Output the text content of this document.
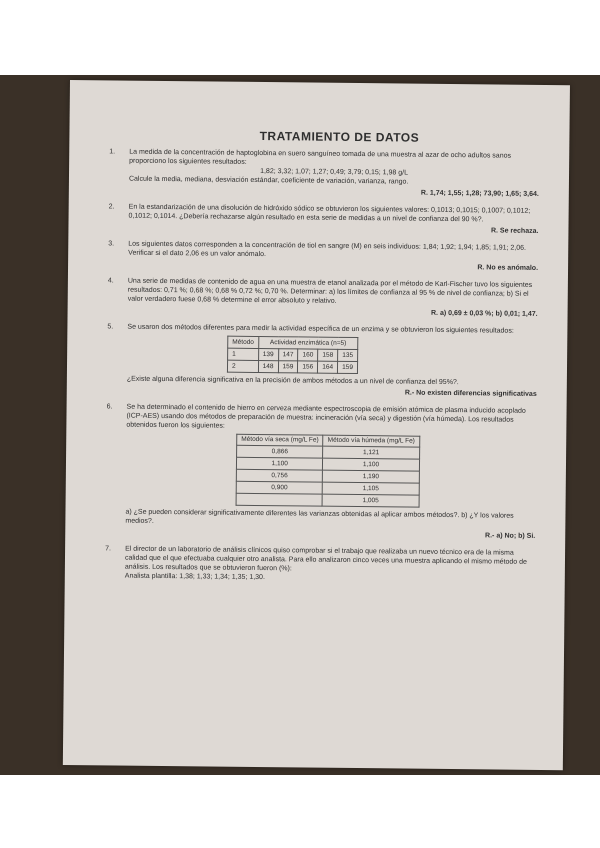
TRATAMIENTO DE DATOS
1. La medida de la concentración de haptoglobina en suero sanguíneo tomada de una muestra al azar de ocho adultos sanos proporciono los siguientes resultados:
1,82; 3,32; 1,07; 1,27; 0,49; 3,79; 0,15; 1,98 g/L
Calcule la media, mediana, desviación estándar, coeficiente de variación, varianza, rango.
R. 1,74; 1,55; 1,28; 73,90; 1,65; 3,64.
2. En la estandarización de una disolución de hidróxido sódico se obtuvieron los siguientes valores: 0,1013; 0,1015; 0,1007; 0,1012; 0,1012; 0,1014. ¿Debería rechazarse algún resultado en esta serie de medidas a un nivel de confianza del 90 %?.
R. Se rechaza.
3. Los siguientes datos corresponden a la concentración de tiol en sangre (M) en seis individuos: 1,84; 1,92; 1,94; 1,85; 1,91; 2,06. Verificar si el dato 2,06 es un valor anómalo.
R. No es anómalo.
4. Una serie de medidas de contenido de agua en una muestra de etanol analizada por el método de Karl-Fischer tuvo los siguientes resultados: 0,71 %; 0,68 %; 0,68 % 0,72 %; 0,70 %. Determinar: a) los límites de confianza al 95 % de nivel de confianza; b) Si el valor verdadero fuese 0,68 % determine el error absoluto y relativo.
R. a) 0,69 ± 0,03 %; b) 0,01; 1,47.
5. Se usaron dos métodos diferentes para medir la actividad específica de un enzima y se obtuvieron los siguientes resultados:
Método	Actividad enzimática (n=5)				
1	139	147	160	158	135
2	148	159	156	164	159
¿Existe alguna diferencia significativa en la precisión de ambos métodos a un nivel de confianza del 95%?.
R.- No existen diferencias significativas
6. Se ha determinado el contenido de hierro en cerveza mediante espectroscopia de emisión atómica de plasma inducido acoplado (ICP-AES) usando dos métodos de preparación de muestra: incineración (vía seca) y digestión (vía húmeda). Los resultados obtenidos fueron los siguientes:
Método vía seca (mg/L Fe)	Método vía húmeda (mg/L Fe)
0,866	1,121
1,100	1,100
0,756	1,190
0,900	1,105
	1,005
a) ¿Se pueden considerar significativamente diferentes las varianzas obtenidas al aplicar ambos métodos?. b) ¿Y los valores medios?.
R.- a) No; b) Si.
7. El director de un laboratorio de análisis clínicos quiso comprobar si el trabajo que realizaba un nuevo técnico era de la misma calidad que el que efectuaba cualquier otro analista. Para ello analizaron cinco veces una muestra aplicando el mismo método de análisis. Los resultados que se obtuvieron fueron (%):
Analista plantilla: 1,38; 1,33; 1,34; 1,35; 1,30.
